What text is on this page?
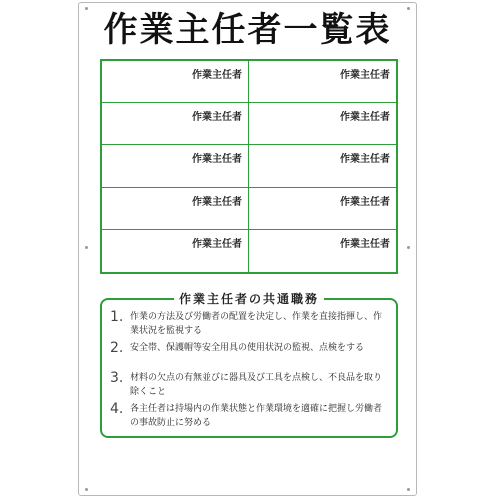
作業主任者一覧表
作業主任者	作業主任者
作業主任者	作業主任者
作業主任者	作業主任者
作業主任者	作業主任者
作業主任者	作業主任者
作業主任者の共通職務
1. 作業の方法及び労働者の配置を決定し、作業を直接指揮し、作業状況を監視する
2. 安全帯、保護帽等安全用具の使用状況の監視、点検をする
3. 材料の欠点の有無並びに器具及び工具を点検し、不良品を取り除くこと
4. 各主任者は持場内の作業状態と作業環境を適確に把握し労働者の事故防止に努める
